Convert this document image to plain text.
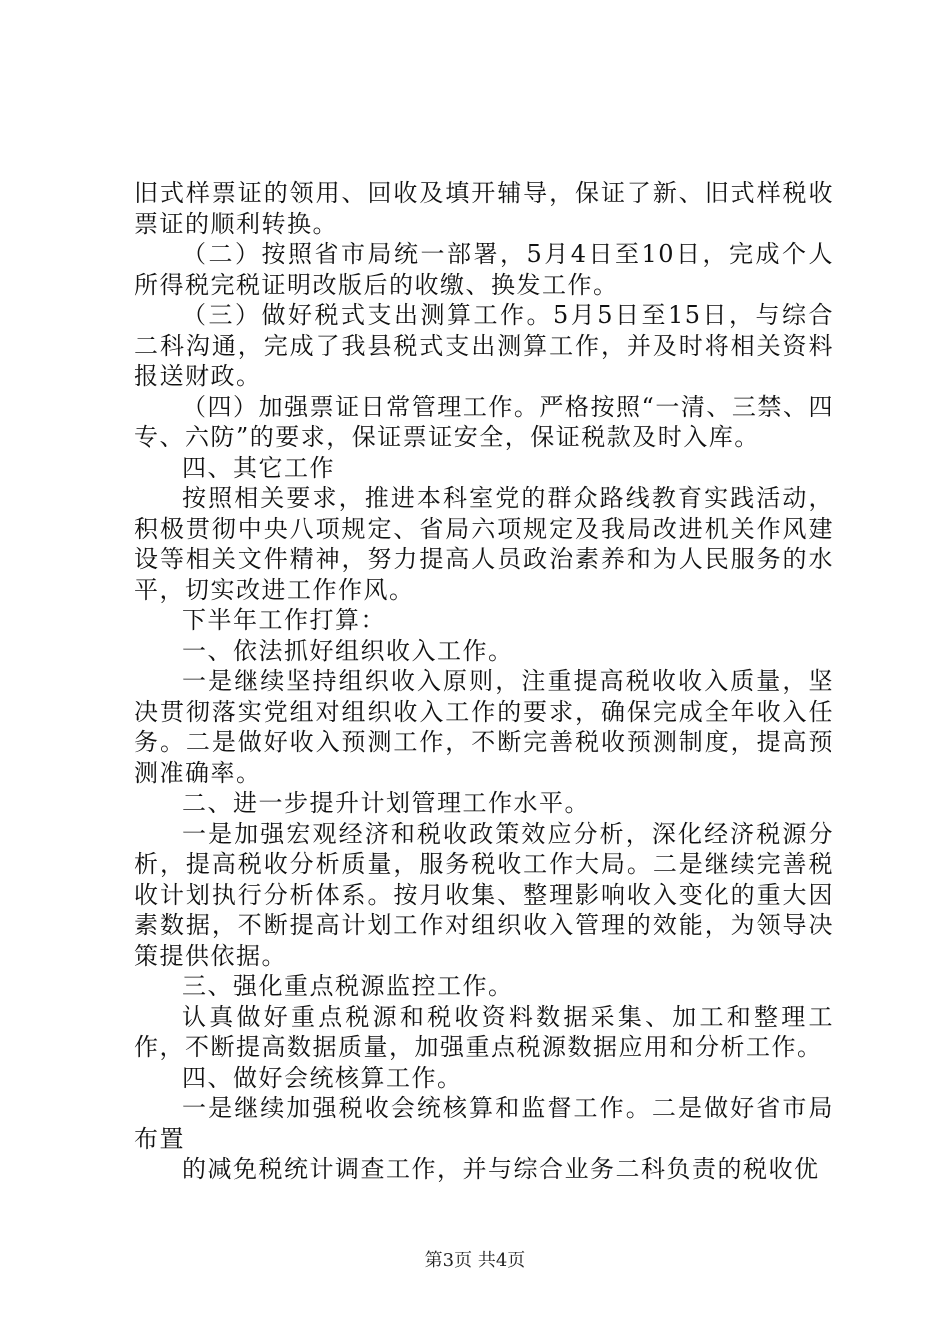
旧式样票证的领用、回收及填开辅导，保证了新、旧式样税收票证的顺利转换。

（二）按照省市局统一部署，5月4日至10日，完成个人所得税完税证明改版后的收缴、换发工作。

（三）做好税式支出测算工作。5月5日至15日，与综合二科沟通，完成了我县税式支出测算工作，并及时将相关资料报送财政。

（四）加强票证日常管理工作。严格按照“一清、三禁、四专、六防”的要求，保证票证安全，保证税款及时入库。

四、其它工作

按照相关要求，推进本科室党的群众路线教育实践活动，积极贯彻中央八项规定、省局六项规定及我局改进机关作风建设等相关文件精神，努力提高人员政治素养和为人民服务的水平，切实改进工作作风。

下半年工作打算：

一、依法抓好组织收入工作。

一是继续坚持组织收入原则，注重提高税收收入质量，坚决贯彻落实党组对组织收入工作的要求，确保完成全年收入任务。二是做好收入预测工作，不断完善税收预测制度，提高预测准确率。

二、进一步提升计划管理工作水平。

一是加强宏观经济和税收政策效应分析，深化经济税源分析，提高税收分析质量，服务税收工作大局。二是继续完善税收计划执行分析体系。按月收集、整理影响收入变化的重大因素数据，不断提高计划工作对组织收入管理的效能，为领导决策提供依据。

三、强化重点税源监控工作。

认真做好重点税源和税收资料数据采集、加工和整理工作，不断提高数据质量，加强重点税源数据应用和分析工作。

四、做好会统核算工作。

一是继续加强税收会统核算和监督工作。二是做好省市局布置

的减免税统计调查工作，并与综合业务二科负责的税收优

第3页 共4页
